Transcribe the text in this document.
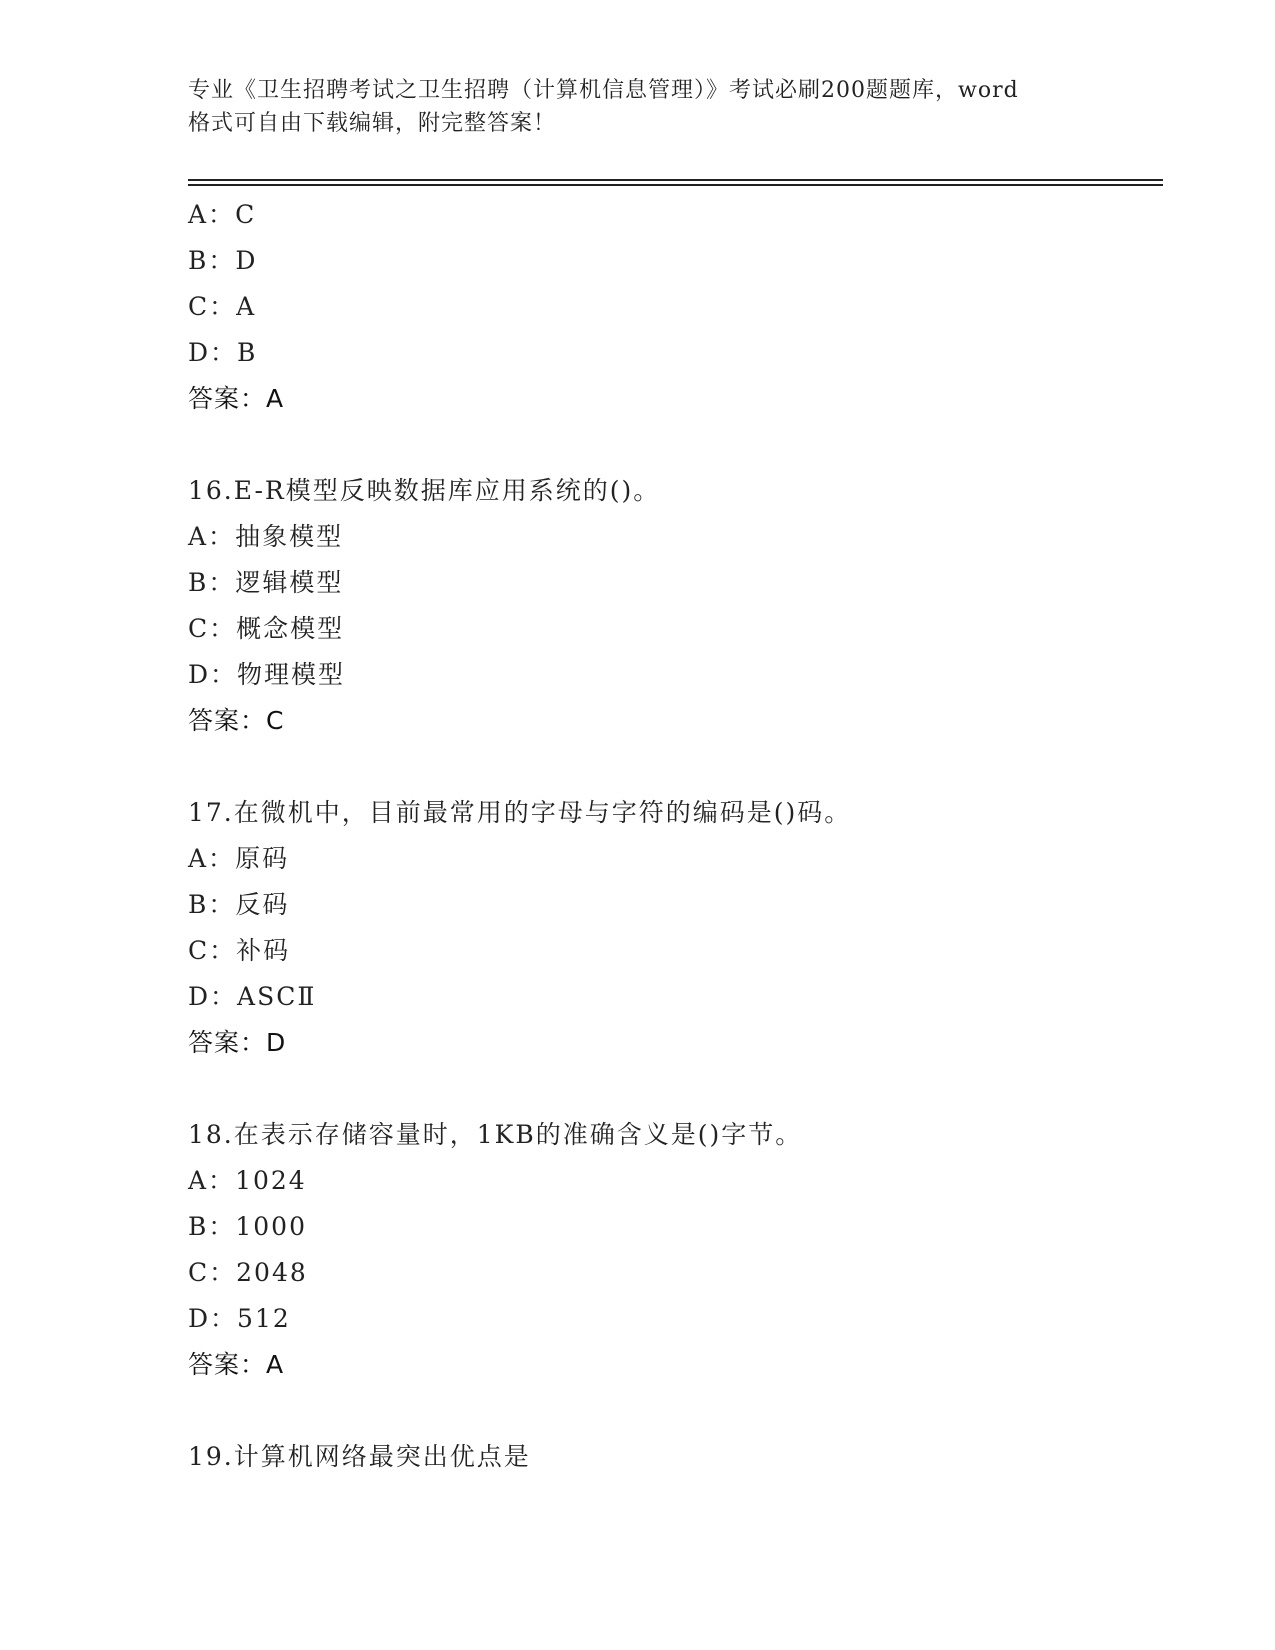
专业《卫生招聘考试之卫生招聘（计算机信息管理）》考试必刷200题题库，word
格式可自由下载编辑，附完整答案！
A：C
B：D
C：A
D：B
答案：A
16.E-R模型反映数据库应用系统的()。
A：抽象模型
B：逻辑模型
C：概念模型
D：物理模型
答案：C
17.在微机中，目前最常用的字母与字符的编码是()码。
A：原码
B：反码
C：补码
D：ASCⅡ
答案：D
18.在表示存储容量时，1KB的准确含义是()字节。
A：1024
B：1000
C：2048
D：512
答案：A
19.计算机网络最突出优点是
